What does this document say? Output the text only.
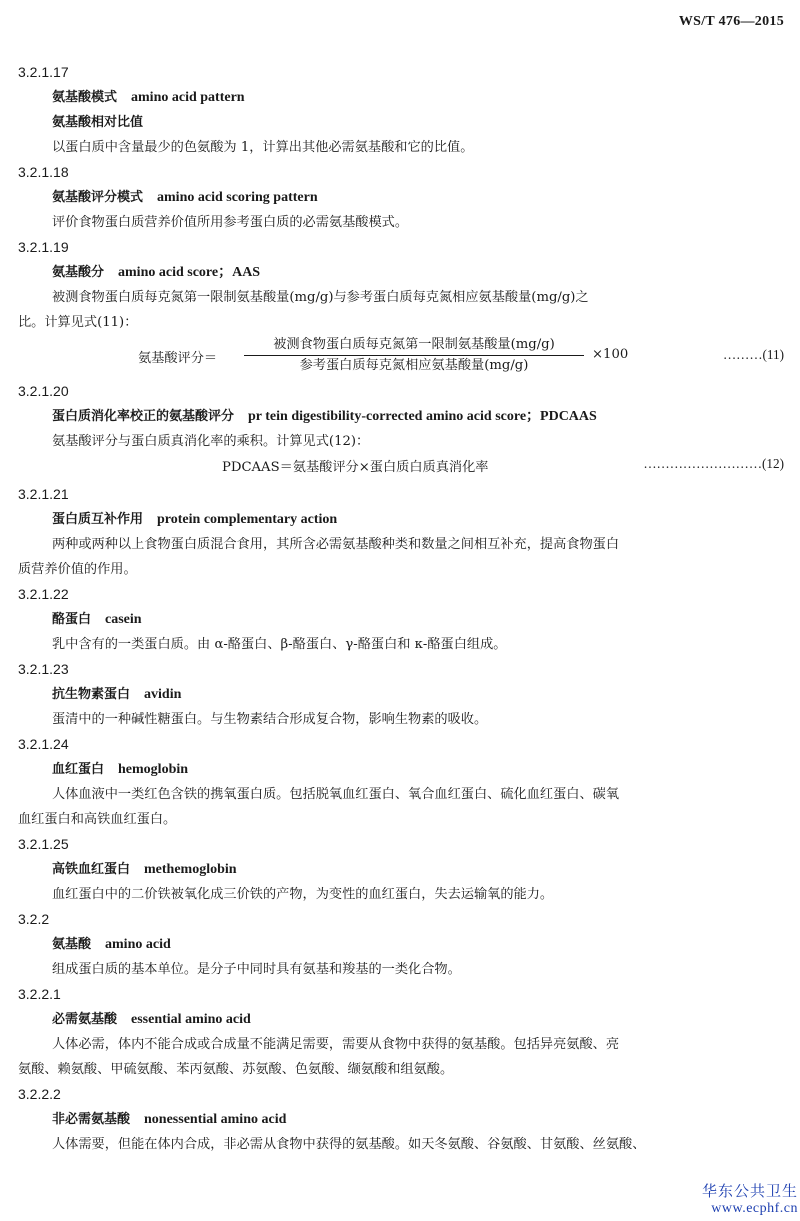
WS/T 476—2015
3.2.1.17
氨基酸模式 amino acid pattern
氨基酸相对比值
以蛋白质中含量最少的色氨酸为 1，计算出其他必需氨基酸和它的比值。
3.2.1.18
氨基酸评分模式 amino acid scoring pattern
评价食物蛋白质营养价值所用参考蛋白质的必需氨基酸模式。
3.2.1.19
氨基酸分 amino acid score；AAS
被测食物蛋白质每克氮第一限制氨基酸量(mg/g)与参考蛋白质每克氮相应氨基酸量(mg/g)之
比。计算见式(11)：
氨基酸评分＝
被测食物蛋白质每克氮第一限制氨基酸量(mg/g)
参考蛋白质每克氮相应氨基酸量(mg/g)
×100	………(11)
3.2.1.20
蛋白质消化率校正的氨基酸评分 pr tein digestibility-corrected amino acid score；PDCAAS
氨基酸评分与蛋白质真消化率的乘积。计算见式(12)：
PDCAAS＝氨基酸评分×蛋白质白质真消化率	………………………(12)
3.2.1.21
蛋白质互补作用 protein complementary action
两种或两种以上食物蛋白质混合食用，其所含必需氨基酸种类和数量之间相互补充，提高食物蛋白
质营养价值的作用。
3.2.1.22
酪蛋白 casein
乳中含有的一类蛋白质。由 α-酪蛋白、β-酪蛋白、γ-酪蛋白和 κ-酪蛋白组成。
3.2.1.23
抗生物素蛋白 avidin
蛋清中的一种碱性糖蛋白。与生物素结合形成复合物，影响生物素的吸收。
3.2.1.24
血红蛋白 hemoglobin
人体血液中一类红色含铁的携氧蛋白质。包括脱氧血红蛋白、氧合血红蛋白、硫化血红蛋白、碳氧
血红蛋白和高铁血红蛋白。
3.2.1.25
高铁血红蛋白 methemoglobin
血红蛋白中的二价铁被氧化成三价铁的产物，为变性的血红蛋白，失去运输氧的能力。
3.2.2
氨基酸 amino acid
组成蛋白质的基本单位。是分子中同时具有氨基和羧基的一类化合物。
3.2.2.1
必需氨基酸 essential amino acid
人体必需，体内不能合成或合成量不能满足需要，需要从食物中获得的氨基酸。包括异亮氨酸、亮
氨酸、赖氨酸、甲硫氨酸、苯丙氨酸、苏氨酸、色氨酸、缬氨酸和组氨酸。
3.2.2.2
非必需氨基酸 nonessential amino acid
人体需要，但能在体内合成，非必需从食物中获得的氨基酸。如天冬氨酸、谷氨酸、甘氨酸、丝氨酸、
华东公共卫生
www.ecphf.cn
